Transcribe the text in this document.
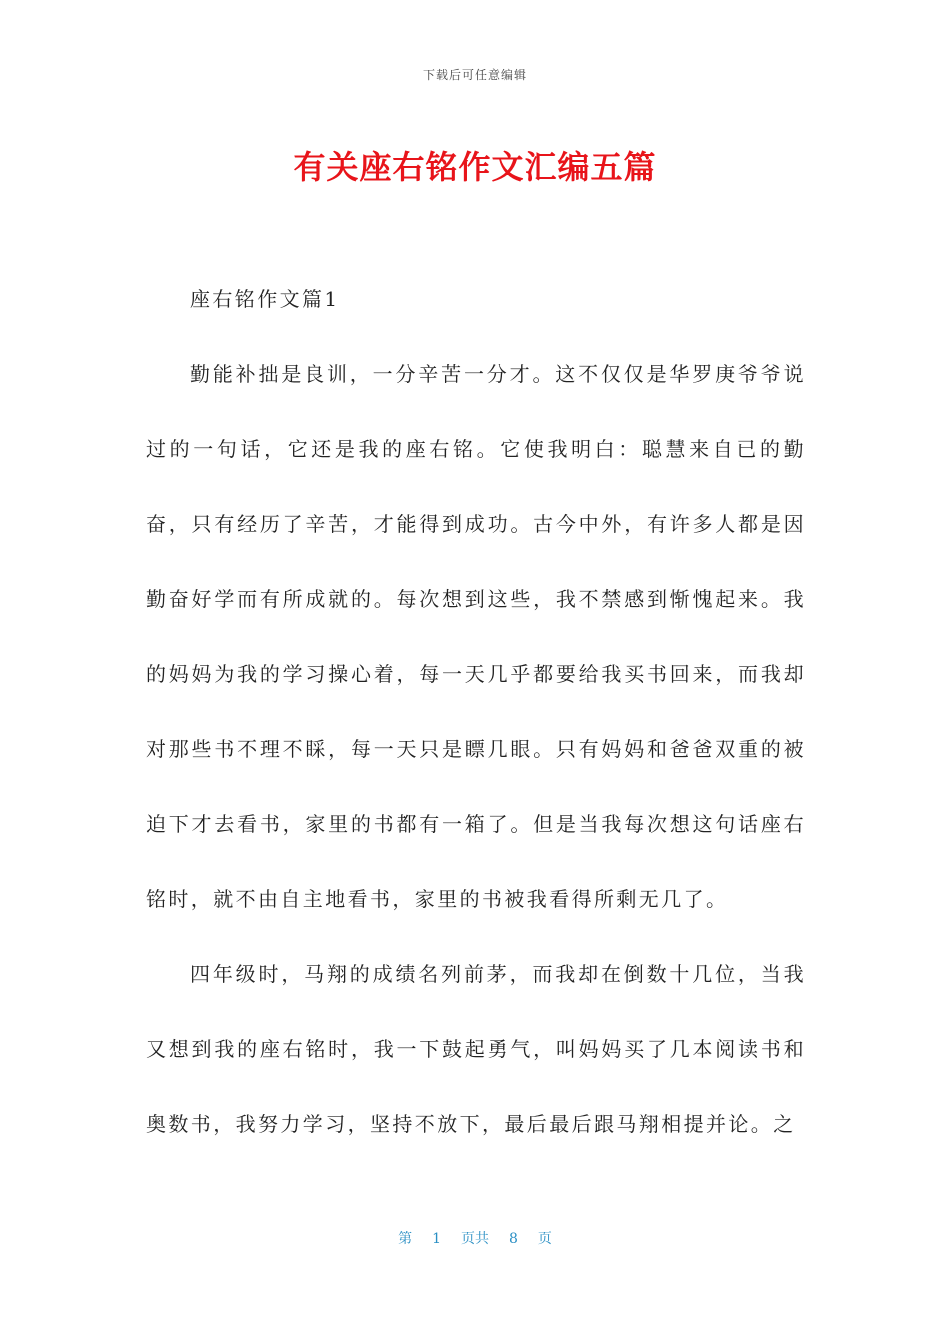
下载后可任意编辑
有关座右铭作文汇编五篇

座右铭作文篇1

勤能补拙是良训，一分辛苦一分才。这不仅仅是华罗庚爷爷说过的一句话，它还是我的座右铭。它使我明白：聪慧来自已的勤奋，只有经历了辛苦，才能得到成功。古今中外，有许多人都是因勤奋好学而有所成就的。每次想到这些，我不禁感到惭愧起来。我的妈妈为我的学习操心着，每一天几乎都要给我买书回来，而我却对那些书不理不睬，每一天只是瞟几眼。只有妈妈和爸爸双重的被迫下才去看书，家里的书都有一箱了。但是当我每次想这句话座右铭时，就不由自主地看书，家里的书被我看得所剩无几了。

四年级时，马翔的成绩名列前茅，而我却在倒数十几位，当我又想到我的座右铭时，我一下鼓起勇气，叫妈妈买了几本阅读书和奥数书，我努力学习，坚持不放下，最后最后跟马翔相提并论。之

第 1 页共 8 页
